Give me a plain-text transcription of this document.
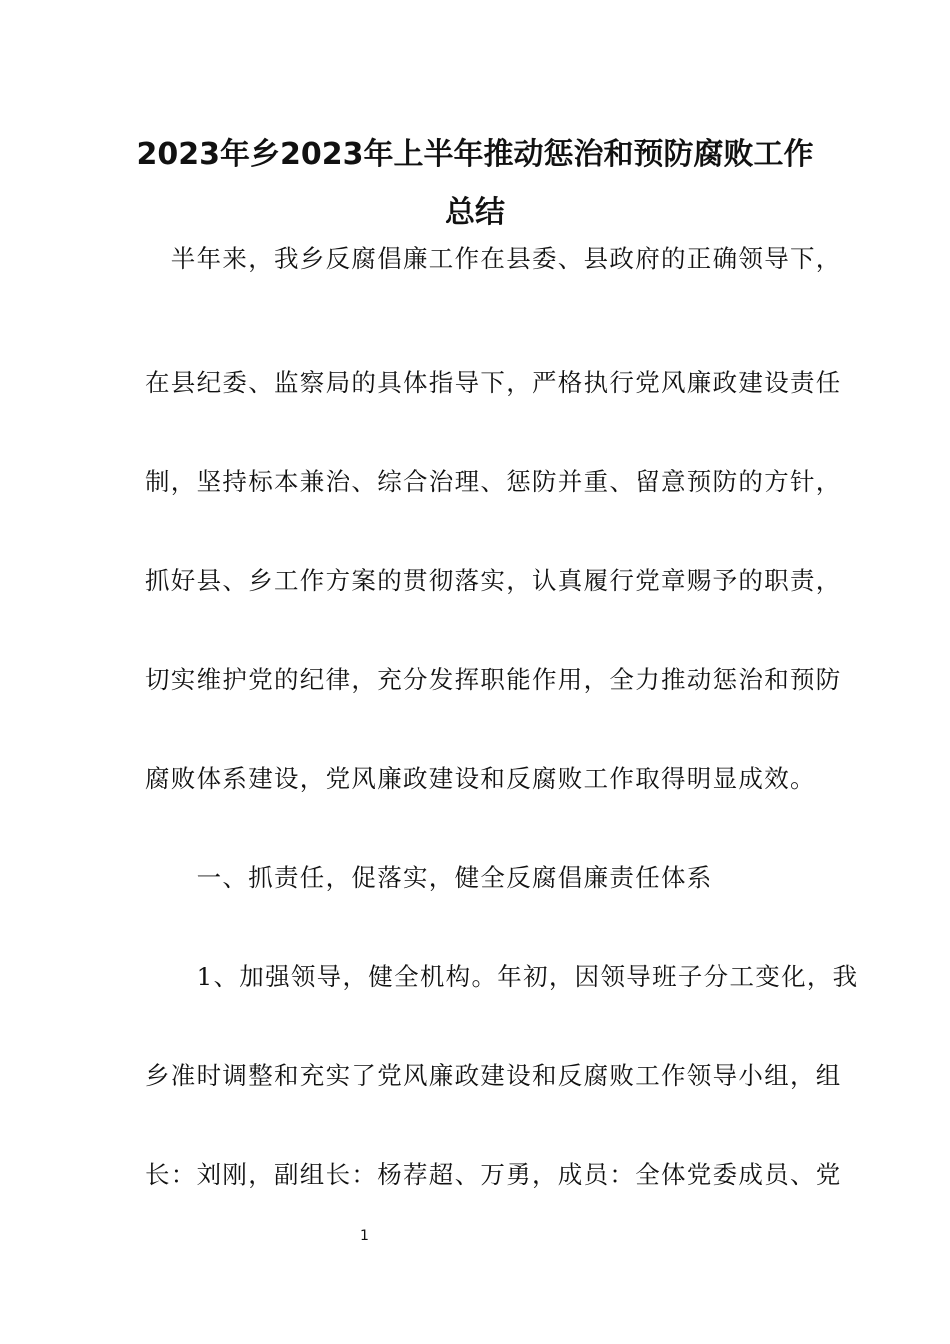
2023年乡2023年上半年推动惩治和预防腐败工作总结
　半年来，我乡反腐倡廉工作在县委、县政府的正确领导下，
在县纪委、监察局的具体指导下，严格执行党风廉政建设责任
制，坚持标本兼治、综合治理、惩防并重、留意预防的方针，
抓好县、乡工作方案的贯彻落实，认真履行党章赐予的职责，
切实维护党的纪律，充分发挥职能作用，全力推动惩治和预防
腐败体系建设，党风廉政建设和反腐败工作取得明显成效。
　　一、抓责任，促落实，健全反腐倡廉责任体系
　　1、加强领导，健全机构。年初，因领导班子分工变化，我
乡准时调整和充实了党风廉政建设和反腐败工作领导小组，组
长：刘刚，副组长：杨荐超、万勇，成员：全体党委成员、党
1
